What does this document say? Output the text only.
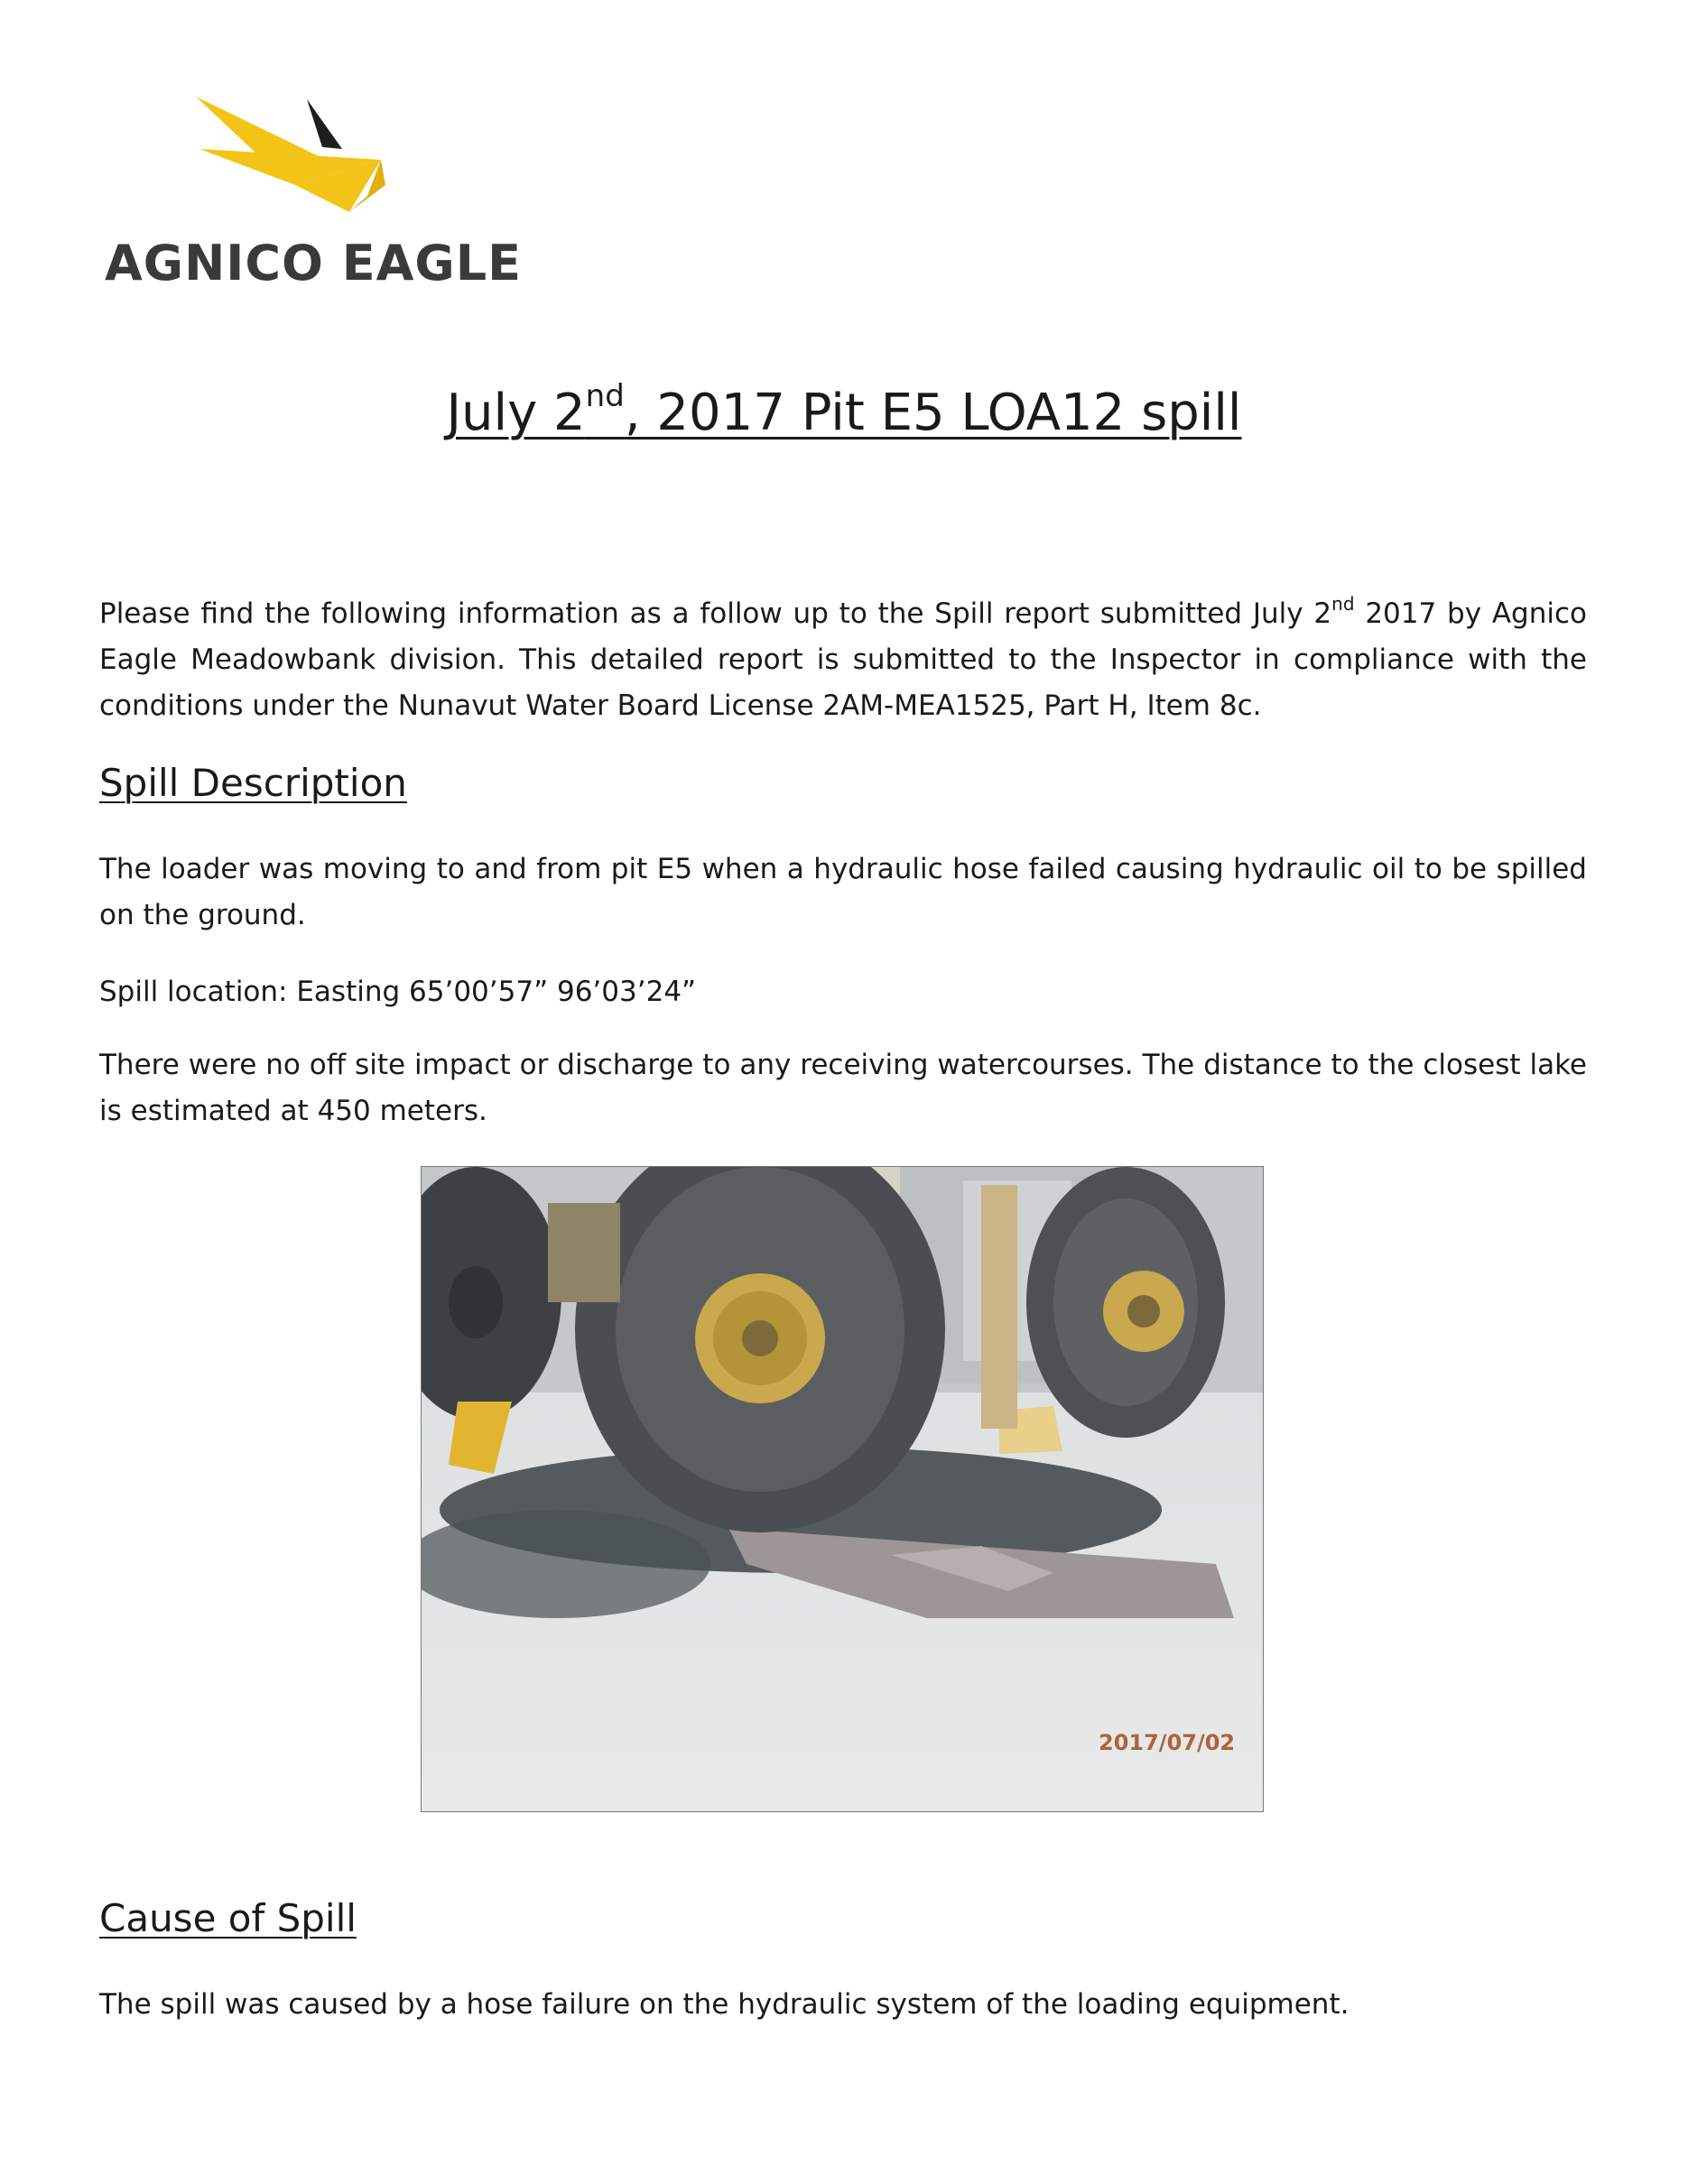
AGNICO EAGLE
July 2nd, 2017 Pit E5 LOA12 spill

Please find the following information as a follow up to the Spill report submitted July 2nd 2017 by Agnico Eagle Meadowbank division. This detailed report is submitted to the Inspector in compliance with the conditions under the Nunavut Water Board License 2AM-MEA1525, Part H, Item 8c.

Spill Description

The loader was moving to and from pit E5 when a hydraulic hose failed causing hydraulic oil to be spilled on the ground.

Spill location: Easting 65’00’57” 96’03’24”

There were no off site impact or discharge to any receiving watercourses. The distance to the closest lake is estimated at 450 meters.

2017/07/02
Cause of Spill

The spill was caused by a hose failure on the hydraulic system of the loading equipment.
